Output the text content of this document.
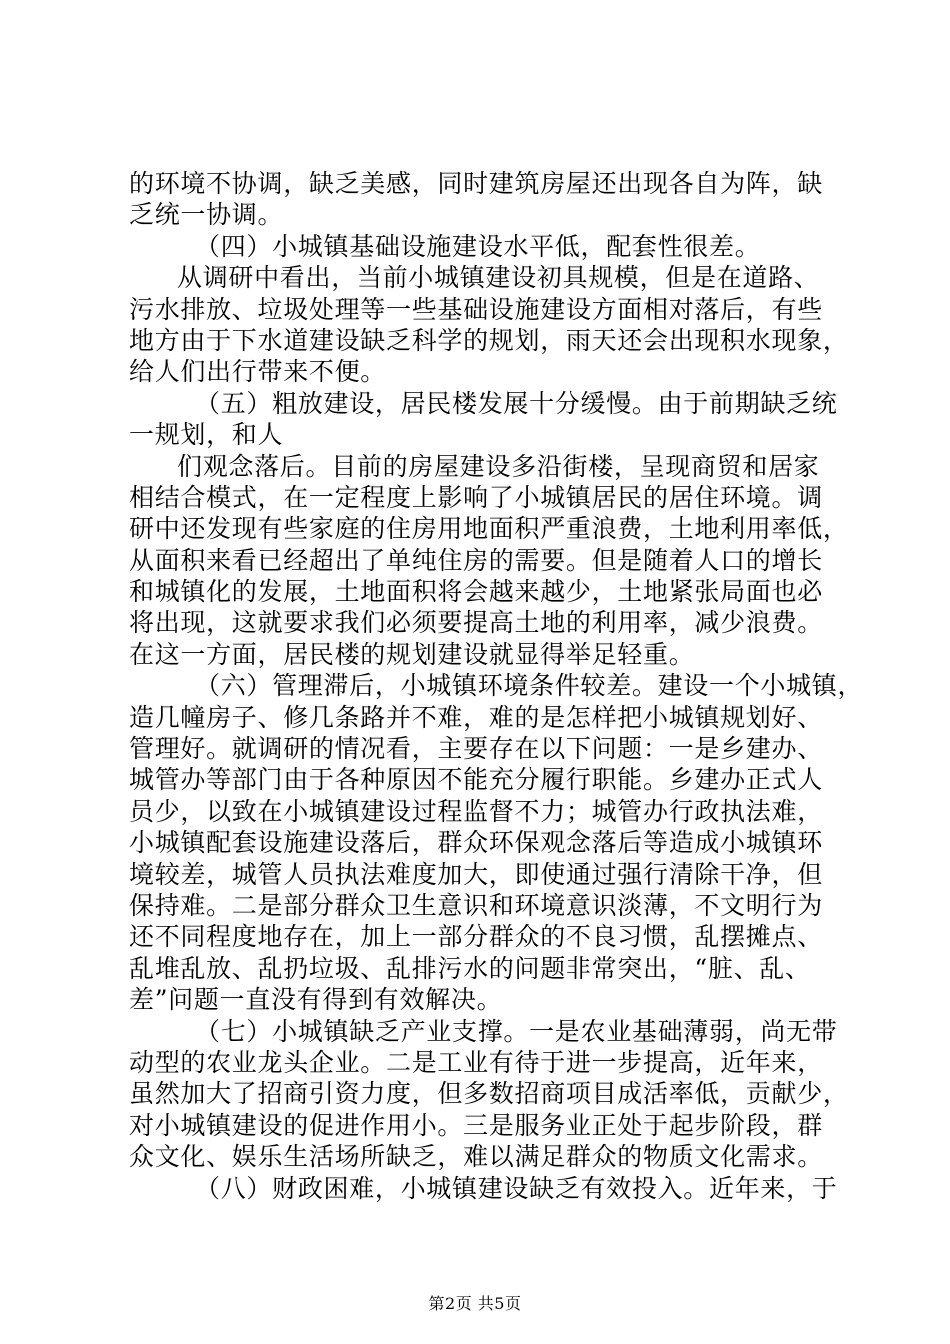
的环境不协调，缺乏美感，同时建筑房屋还出现各自为阵，缺
乏统一协调。
（四）小城镇基础设施建设水平低，配套性很差。
从调研中看出，当前小城镇建设初具规模，但是在道路、
污水排放、垃圾处理等一些基础设施建设方面相对落后，有些
地方由于下水道建设缺乏科学的规划，雨天还会出现积水现象，
给人们出行带来不便。
（五）粗放建设，居民楼发展十分缓慢。由于前期缺乏统
一规划，和人
们观念落后。目前的房屋建设多沿街楼，呈现商贸和居家
相结合模式，在一定程度上影响了小城镇居民的居住环境。调
研中还发现有些家庭的住房用地面积严重浪费，土地利用率低，
从面积来看已经超出了单纯住房的需要。但是随着人口的增长
和城镇化的发展，土地面积将会越来越少，土地紧张局面也必
将出现，这就要求我们必须要提高土地的利用率，减少浪费。
在这一方面，居民楼的规划建设就显得举足轻重。
（六）管理滞后，小城镇环境条件较差。建设一个小城镇，
造几幢房子、修几条路并不难，难的是怎样把小城镇规划好、
管理好。就调研的情况看，主要存在以下问题：一是乡建办、
城管办等部门由于各种原因不能充分履行职能。乡建办正式人
员少，以致在小城镇建设过程监督不力；城管办行政执法难，
小城镇配套设施建设落后，群众环保观念落后等造成小城镇环
境较差，城管人员执法难度加大，即使通过强行清除干净，但
保持难。二是部分群众卫生意识和环境意识淡薄，不文明行为
还不同程度地存在，加上一部分群众的不良习惯，乱摆摊点、
乱堆乱放、乱扔垃圾、乱排污水的问题非常突出，“脏、乱、
差”问题一直没有得到有效解决。
（七）小城镇缺乏产业支撑。一是农业基础薄弱，尚无带
动型的农业龙头企业。二是工业有待于进一步提高，近年来，
虽然加大了招商引资力度，但多数招商项目成活率低，贡献少，
对小城镇建设的促进作用小。三是服务业正处于起步阶段，群
众文化、娱乐生活场所缺乏，难以满足群众的物质文化需求。
（八）财政困难，小城镇建设缺乏有效投入。近年来，于
第2页 共5页
